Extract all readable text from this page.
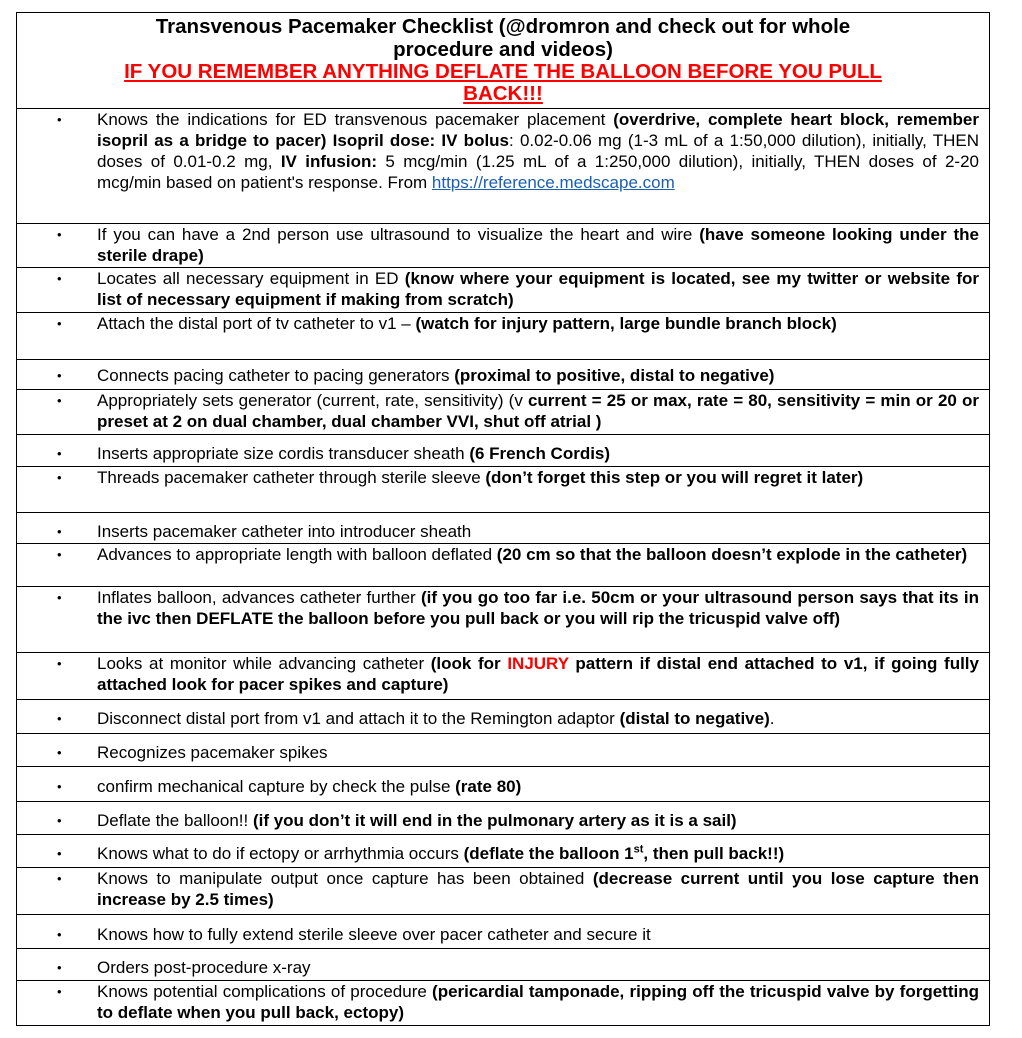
Transvenous Pacemaker Checklist (@dromron and check out for whole
procedure and videos)
IF YOU REMEMBER ANYTHING DEFLATE THE BALLOON BEFORE YOU PULL
BACK!!!
•	Knows the indications for ED transvenous pacemaker placement (overdrive, complete heart block, remember isopril as a bridge to pacer) Isopril dose: IV bolus: 0.02-0.06 mg (1-3 mL of a 1:50,000 dilution), initially, THEN doses of 0.01-0.2 mg, IV infusion: 5 mcg/min (1.25 mL of a 1:250,000 dilution), initially, THEN doses of 2-20 mcg/min based on patient's response. From https://reference.medscape.com
•	If you can have a 2nd person use ultrasound to visualize the heart and wire (have someone looking under the sterile drape)
•	Locates all necessary equipment in ED (know where your equipment is located, see my twitter or website for list of necessary equipment if making from scratch)
•	Attach the distal port of tv catheter to v1 – (watch for injury pattern, large bundle branch block)
•	Connects pacing catheter to pacing generators (proximal to positive, distal to negative)
•	Appropriately sets generator (current, rate, sensitivity) (v current = 25 or max, rate = 80, sensitivity = min or 20 or preset at 2 on dual chamber, dual chamber VVI, shut off atrial )
•	Inserts appropriate size cordis transducer sheath (6 French Cordis)
•	Threads pacemaker catheter through sterile sleeve (don’t forget this step or you will regret it later)
•	Inserts pacemaker catheter into introducer sheath
•	Advances to appropriate length with balloon deflated (20 cm so that the balloon doesn’t explode in the catheter)
•	Inflates balloon, advances catheter further (if you go too far i.e. 50cm or your ultrasound person says that its in the ivc then DEFLATE the balloon before you pull back or you will rip the tricuspid valve off)
•	Looks at monitor while advancing catheter (look for INJURY pattern if distal end attached to v1, if going fully attached look for pacer spikes and capture)
•	Disconnect distal port from v1 and attach it to the Remington adaptor (distal to negative).
•	Recognizes pacemaker spikes
•	confirm mechanical capture by check the pulse (rate 80)
•	Deflate the balloon!! (if you don’t it will end in the pulmonary artery as it is a sail)
•	Knows what to do if ectopy or arrhythmia occurs (deflate the balloon 1st, then pull back!!)
•	Knows to manipulate output once capture has been obtained (decrease current until you lose capture then increase by 2.5 times)
•	Knows how to fully extend sterile sleeve over pacer catheter and secure it
•	Orders post-procedure x-ray
•	Knows potential complications of procedure (pericardial tamponade, ripping off the tricuspid valve by forgetting to deflate when you pull back, ectopy)
